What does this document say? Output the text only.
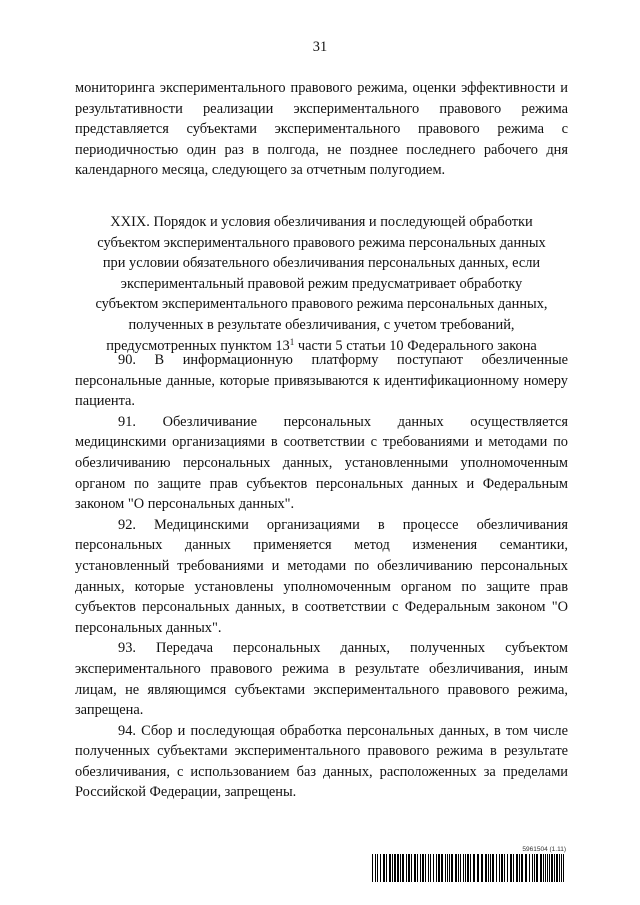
31

мониторинга экспериментального правового режима, оценки эффективности и результативности реализации экспериментального правового режима представляется субъектами экспериментального правового режима с периодичностью один раз в полгода, не позднее последнего рабочего дня календарного месяца, следующего за отчетным полугодием.

XXIX. Порядок и условия обезличивания и последующей обработки

субъектом экспериментального правового режима персональных данных

при условии обязательного обезличивания персональных данных, если

экспериментальный правовой режим предусматривает обработку

субъектом экспериментального правового режима персональных данных,

полученных в результате обезличивания, с учетом требований,

предусмотренных пунктом $13^1$ части 5 статьи 10 Федерального закона

90. В информационную платформу поступают обезличенные персональные данные, которые привязываются к идентификационному номеру пациента.

91. Обезличивание персональных данных осуществляется медицинскими организациями в соответствии с требованиями и методами по обезличиванию персональных данных, установленными уполномоченным органом по защите прав субъектов персональных данных и Федеральным законом "О персональных данных".

92. Медицинскими организациями в процессе обезличивания персональных данных применяется метод изменения семантики, установленный требованиями и методами по обезличиванию персональных данных, которые установлены уполномоченным органом по защите прав субъектов персональных данных, в соответствии с Федеральным законом "О персональных данных".

93. Передача персональных данных, полученных субъектом экспериментального правового режима в результате обезличивания, иным лицам, не являющимся субъектами экспериментального правового режима, запрещена.

94. Сбор и последующая обработка персональных данных, в том числе полученных субъектами экспериментального правового режима в результате обезличивания, с использованием баз данных, расположенных за пределами Российской Федерации, запрещены.

5961504 (1.11)
